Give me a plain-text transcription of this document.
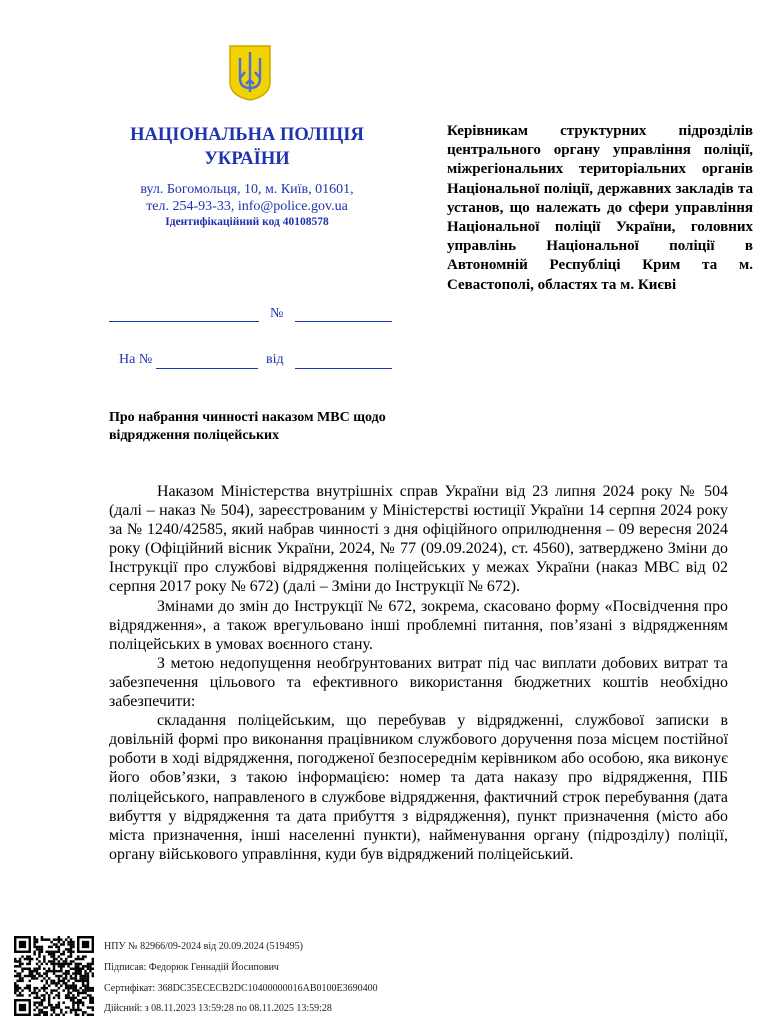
НАЦІОНАЛЬНА ПОЛІЦІЯ УКРАЇНИ
вул. Богомольця, 10, м. Київ, 01601,
тел. 254-93-33, info@police.gov.ua
Ідентифікаційний код 40108578
№
На №	від
Керівникам структурних підрозділів центрального органу управління поліції, міжрегіональних територіальних органів Національної поліції, державних закладів та установ, що належать до сфери управління Національної поліції України, головних управлінь Національної поліції в Автономній Республіці Крим та м. Севастополі, областях та м. Києві
Про набрання чинності наказом МВС щодо відрядження поліцейських

Наказом Міністерства внутрішніх справ України від 23 липня 2024 року № 504 (далі – наказ № 504), зареєстрованим у Міністерстві юстиції України 14 серпня 2024 року за № 1240/42585, який набрав чинності з дня офіційного оприлюднення – 09 вересня 2024 року (Офіційний вісник України, 2024, № 77 (09.09.2024), ст. 4560), затверджено Зміни до Інструкції про службові відрядження поліцейських у межах України (наказ МВС від 02 серпня 2017 року № 672) (далі – Зміни до Інструкції № 672).

Змінами до змін до Інструкції № 672, зокрема, скасовано форму «Посвідчення про відрядження», а також врегульовано інші проблемні питання, пов’язані з відрядженням поліцейських в умовах воєнного стану.

З метою недопущення необґрунтованих витрат під час виплати добових витрат та забезпечення цільового та ефективного використання бюджетних коштів необхідно забезпечити:

складання поліцейським, що перебував у відрядженні, службової записки в довільній формі про виконання працівником службового доручення поза місцем постійної роботи в ході відрядження, погодженої безпосереднім керівником або особою, яка виконує його обов’язки, з такою інформацією: номер та дата наказу про відрядження, ПІБ поліцейського, направленого в службове відрядження, фактичний строк перебування (дата вибуття у відрядження та дата прибуття з відрядження), пункт призначення (місто або міста призначення, інші населенні пункти), найменування органу (підрозділу) поліції, органу військового управління, куди був відряджений поліцейський.

НПУ № 82966/09-2024 від 20.09.2024 (519495)
Підписав: Федорюк Геннадій Йосипович
Сертифікат: 368DC35ECECB2DC10400000016AB0100E3690400
Дійсний: з 08.11.2023 13:59:28 по 08.11.2025 13:59:28
